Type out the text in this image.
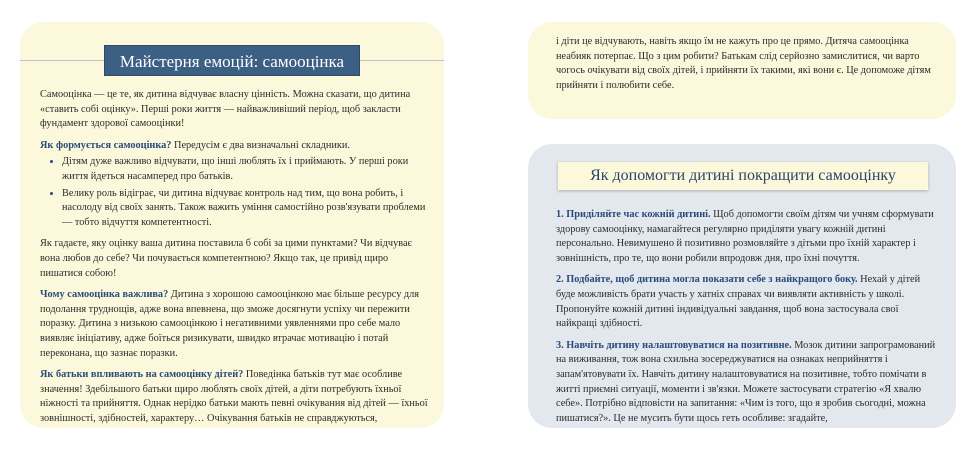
Майстерня емоцій: самооцінка

Самооцінка — це те, як дитина відчуває власну цінність. Можна сказати, що дитина «ставить собі оцінку». Перші роки життя — найважливіший період, щоб закласти фундамент здорової самооцінки!

Як формується самооцінка? Передусім є два визначальні складники.

• Дітям дуже важливо відчувати, що інші люблять їх і приймають. У перші роки життя йдеться насамперед про батьків.
• Велику роль відіграє, чи дитина відчуває контроль над тим, що вона робить, і насолоду від своїх занять. Також важить уміння самостійно розв'язувати проблеми — тобто відчуття компетентності.

Як гадаєте, яку оцінку ваша дитина поставила б собі за цими пунктами? Чи відчуває вона любов до себе? Чи почувається компетентною? Якщо так, це привід щиро пишатися собою!

Чому самооцінка важлива? Дитина з хорошою самооцінкою має більше ресурсу для подолання труднощів, адже вона впевнена, що зможе досягнути успіху чи пережити поразку. Дитина з низькою самооцінкою і негативними уявленнями про себе мало виявляє ініціативу, адже боїться ризикувати, швидко втрачає мотивацію і потай переконана, що зазнає поразки.

Як батьки впливають на самооцінку дітей? Поведінка батьків тут має особливе значення! Здебільшого батьки щиро люблять своїх дітей, а діти потребують їхньої ніжності та прийняття. Однак нерідко батьки мають певні очікування від дітей — їхньої зовнішності, здібностей, характеру… Очікування батьків не справджуються,

і діти це відчувають, навіть якщо їм не кажуть про це прямо. Дитяча самооцінка неабияк потерпає. Що з цим робити? Батькам слід серйозно замислитися, чи варто чогось очікувати від своїх дітей, і прийняти їх такими, які вони є. Це допоможе дітям прийняти і полюбити себе.
Як допомогти дитині покращити самооцінку

1. Приділяйте час кожній дитині. Щоб допомогти своїм дітям чи учням сформувати здорову самооцінку, намагайтеся регулярно приділяти увагу кожній дитині персонально. Невимушено й позитивно розмовляйте з дітьми про їхній характер і зовнішність, про те, що вони робили впродовж дня, про їхні почуття.

2. Подбайте, щоб дитина могла показати себе з найкращого боку. Нехай у дітей буде можливість брати участь у хатніх справах чи виявляти активність у школі. Пропонуйте кожній дитині індивідуальні завдання, щоб вона застосувала свої найкращі здібності.

3. Навчіть дитину налаштовуватися на позитивне. Мозок дитини запрограмований на виживання, тож вона схильна зосереджуватися на ознаках неприйняття і запам'ятовувати їх. Навчіть дитину налаштовуватися на позитивне, тобто помічати в житті приємні ситуації, моменти і зв'язки. Можете застосувати стратегію «Я хвалю себе». Потрібно відповісти на запитання: «Чим із того, що я зробив сьогодні, можна пишатися?». Це не мусить бути щось геть особливе: згадайте,
